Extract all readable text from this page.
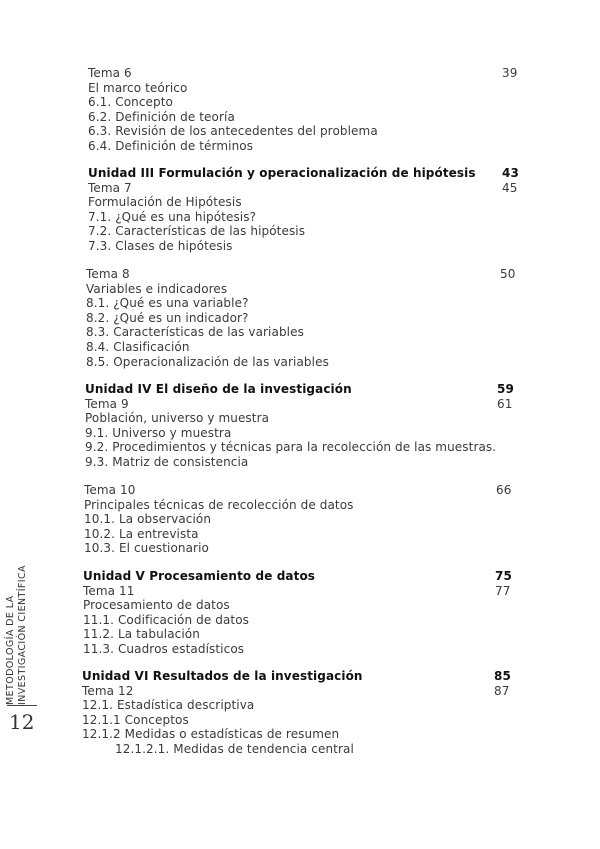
Tema 6	39
El marco teórico
6.1. Concepto
6.2. Definición de teoría
6.3. Revisión de los antecedentes del problema
6.4. Definición de términos
Unidad III Formulación y operacionalización de hipótesis 43
Tema 7	45
Formulación de Hipótesis
7.1. ¿Qué es una hipótesis?
7.2. Características de las hipótesis
7.3. Clases de hipótesis
Tema 8	50
Variables e indicadores
8.1. ¿Qué es una variable?
8.2. ¿Qué es un indicador?
8.3. Características de las variables
8.4. Clasificación
8.5. Operacionalización de las variables
Unidad IV El diseño de la investigación	59
Tema 9	61
Población, universo y muestra
9.1. Universo y muestra
9.2. Procedimientos y técnicas para la recolección de las muestras.
9.3. Matriz de consistencia
Tema 10	66
Principales técnicas de recolección de datos
10.1. La observación
10.2. La entrevista
10.3. El cuestionario
Unidad V Procesamiento de datos	75
Tema 11	77
Procesamiento de datos
11.1. Codificación de datos
11.2. La tabulación
11.3. Cuadros estadísticos
Unidad VI Resultados de la investigación	85
Tema 12	87
12.1. Estadística descriptiva
12.1.1 Conceptos
12.1.2 Medidas o estadísticas de resumen
12.1.2.1. Medidas de tendencia central
METODOLOGÍA DE LA INVESTIGACIÓN CIENTÍFICA
12
